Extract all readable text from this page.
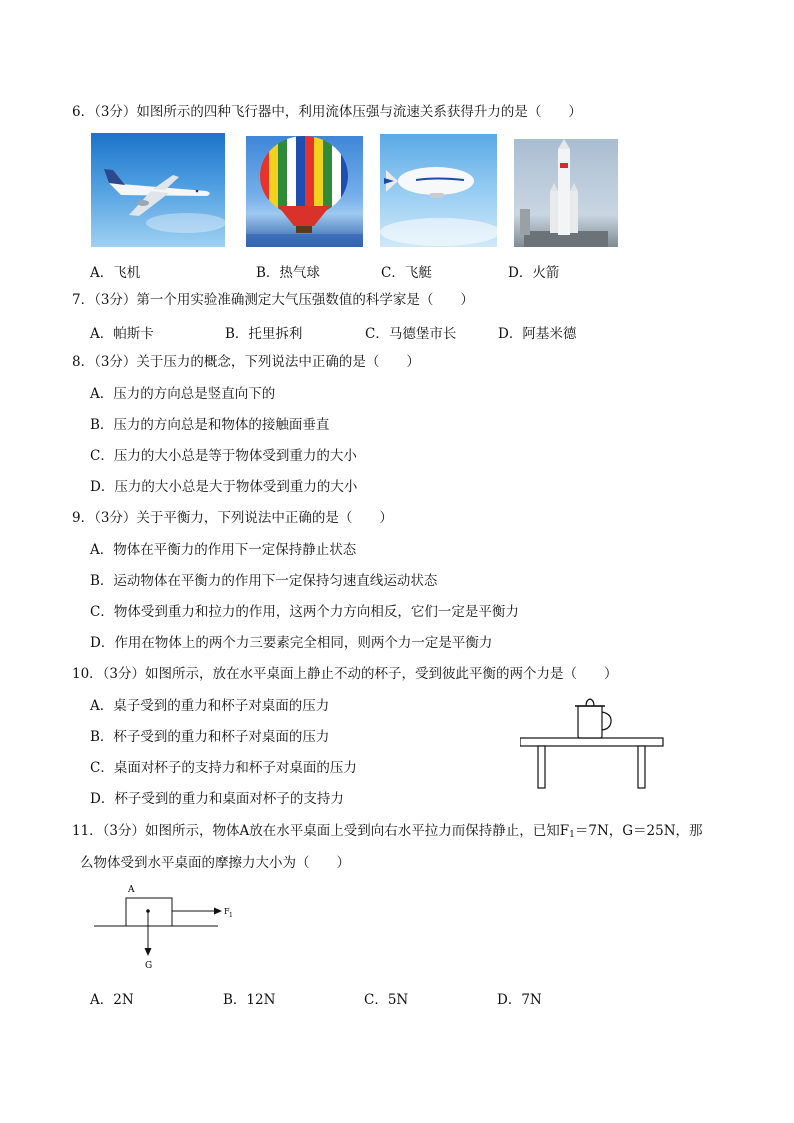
6．（3分）如图所示的四种飞行器中，利用流体压强与流速关系获得升力的是（　　）
A．飞机	B．热气球	C．飞艇	D．火箭
7．（3分）第一个用实验准确测定大气压强数值的科学家是（　　）
A．帕斯卡	B．托里拆利	C．马德堡市长	D．阿基米德
8．（3分）关于压力的概念，下列说法中正确的是（　　）
A．压力的方向总是竖直向下的
B．压力的方向总是和物体的接触面垂直
C．压力的大小总是等于物体受到重力的大小
D．压力的大小总是大于物体受到重力的大小
9．（3分）关于平衡力，下列说法中正确的是（　　）
A．物体在平衡力的作用下一定保持静止状态
B．运动物体在平衡力的作用下一定保持匀速直线运动状态
C．物体受到重力和拉力的作用，这两个力方向相反，它们一定是平衡力
D．作用在物体上的两个力三要素完全相同，则两个力一定是平衡力
10．（3分）如图所示，放在水平桌面上静止不动的杯子，受到彼此平衡的两个力是（　　）
A．桌子受到的重力和杯子对桌面的压力
B．杯子受到的重力和杯子对桌面的压力
C．桌面对杯子的支持力和杯子对桌面的压力
D．杯子受到的重力和桌面对杯子的支持力
11．（3分）如图所示，物体A放在水平桌面上受到向右水平拉力而保持静止，已知$F_1=7N$，G＝25N，那
么物体受到水平桌面的摩擦力大小为（　　）
A
F 1
G
A．2N	B．12N	C．5N	D．7N
